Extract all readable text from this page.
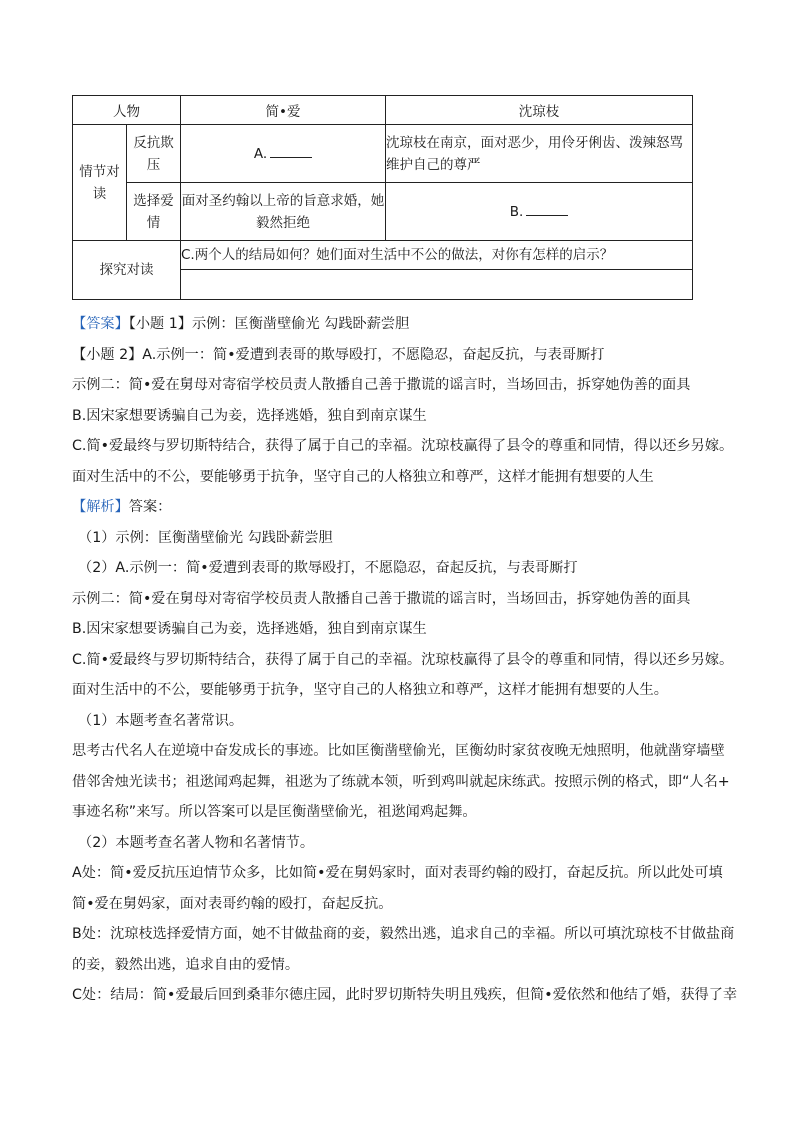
人物		简•爱	沈琼枝
情节对读	反抗欺压	A.	沈琼枝在南京，面对恶少，用伶牙俐齿、泼辣怒骂维护自己的尊严
	选择爱情	面对圣约翰以上帝的旨意求婚，她毅然拒绝	B.
探究对读		C.两个人的结局如何？她们面对生活中不公的做法，对你有怎样的启示？	

【答案】【小题 1】示例：匡衡凿壁偷光 勾践卧薪尝胆
【小题 2】A.示例一：简•爱遭到表哥的欺辱殴打，不愿隐忍，奋起反抗，与表哥厮打
示例二：简•爱在舅母对寄宿学校员责人散播自己善于撒谎的谣言时，当场回击，拆穿她伪善的面具
B.因宋家想要诱骗自己为妾，选择逃婚，独自到南京谋生
C.简•爱最终与罗切斯特结合，获得了属于自己的幸福。沈琼枝赢得了县令的尊重和同情，得以还乡另嫁。
面对生活中的不公，要能够勇于抗争，坚守自己的人格独立和尊严，这样才能拥有想要的人生
【解析】答案：
（1）示例：匡衡凿壁偷光 勾践卧薪尝胆
（2）A.示例一：简•爱遭到表哥的欺辱殴打，不愿隐忍，奋起反抗，与表哥厮打
示例二：简•爱在舅母对寄宿学校员责人散播自己善于撒谎的谣言时，当场回击，拆穿她伪善的面具
B.因宋家想要诱骗自己为妾，选择逃婚，独自到南京谋生
C.简•爱最终与罗切斯特结合，获得了属于自己的幸福。沈琼枝赢得了县令的尊重和同情，得以还乡另嫁。
面对生活中的不公，要能够勇于抗争，坚守自己的人格独立和尊严，这样才能拥有想要的人生。
（1）本题考查名著常识。
思考古代名人在逆境中奋发成长的事迹。比如匡衡凿壁偷光，匡衡幼时家贫夜晚无烛照明，他就凿穿墙壁
借邻舍烛光读书；祖逖闻鸡起舞，祖逖为了练就本领，听到鸡叫就起床练武。按照示例的格式，即“人名+
事迹名称”来写。所以答案可以是匡衡凿壁偷光，祖逖闻鸡起舞。
（2）本题考查名著人物和名著情节。
A处：简•爱反抗压迫情节众多，比如简•爱在舅妈家时，面对表哥约翰的殴打，奋起反抗。所以此处可填
简•爱在舅妈家，面对表哥约翰的殴打，奋起反抗。
B处：沈琼枝选择爱情方面，她不甘做盐商的妾，毅然出逃，追求自己的幸福。所以可填沈琼枝不甘做盐商
的妾，毅然出逃，追求自由的爱情。
C处：结局：简•爱最后回到桑菲尔德庄园，此时罗切斯特失明且残疾，但简•爱依然和他结了婚，获得了幸
